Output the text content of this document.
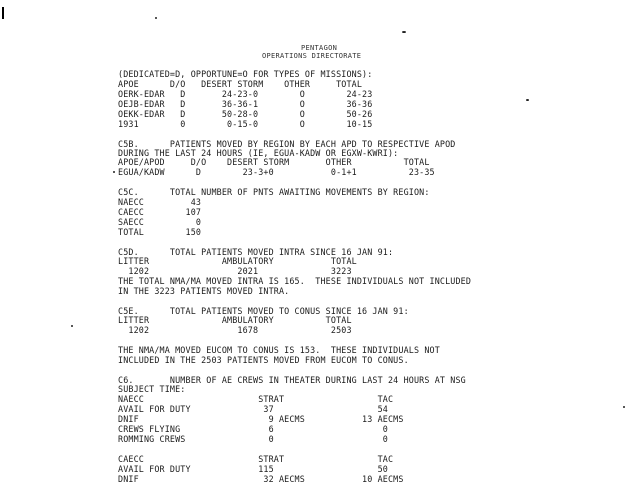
PENTAGON
OPERATIONS DIRECTORATE
(DEDICATED=D, OPPORTUNE=O FOR TYPES OF MISSIONS):
APOE      D/O   DESERT STORM    OTHER     TOTAL
OERK-EDAR   D       24-23-0        O        24-23
OEJB-EDAR   D       36-36-1        O        36-36
OEKK-EDAR   D       50-28-0        O        50-26
1931        0        0-15-0        O        10-15
C5B.      PATIENTS MOVED BY REGION BY EACH APD TO RESPECTIVE APOD
DURING THE LAST 24 HOURS (IE, EGUA-KADW OR EGXW-KWRI):
APOE/APOD     D/O    DESERT STORM       OTHER          TOTAL
EGUA/KADW      D        23-3+0           0-1+1          23-35
C5C.      TOTAL NUMBER OF PNTS AWAITING MOVEMENTS BY REGION:
NAECC         43
CAECC        107
SAECC          0
TOTAL        150
C5D.      TOTAL PATIENTS MOVED INTRA SINCE 16 JAN 91:
LITTER              AMBULATORY           TOTAL
1202                 2021              3223
THE TOTAL NMA/MA MOVED INTRA IS 165.  THESE INDIVIDUALS NOT INCLUDED
IN THE 3223 PATIENTS MOVED INTRA.
C5E.      TOTAL PATIENTS MOVED TO CONUS SINCE 16 JAN 91:
LITTER              AMBULATORY          TOTAL
1202                 1678              2503
THE NMA/MA MOVED EUCOM TO CONUS IS 153.  THESE INDIVIDUALS NOT
INCLUDED IN THE 2503 PATIENTS MOVED FROM EUCOM TO CONUS.
C6.       NUMBER OF AE CREWS IN THEATER DURING LAST 24 HOURS AT NSG
SUBJECT TIME:
NAECC                      STRAT                  TAC
AVAIL FOR DUTY              37                    54
DNIF                         9 AECMS           13 AECMS
CREWS FLYING                 6                     0
ROMMING CREWS                0                     0
CAECC                      STRAT                  TAC
AVAIL FOR DUTY             115                    50
DNIF                        32 AECMS           10 AECMS
